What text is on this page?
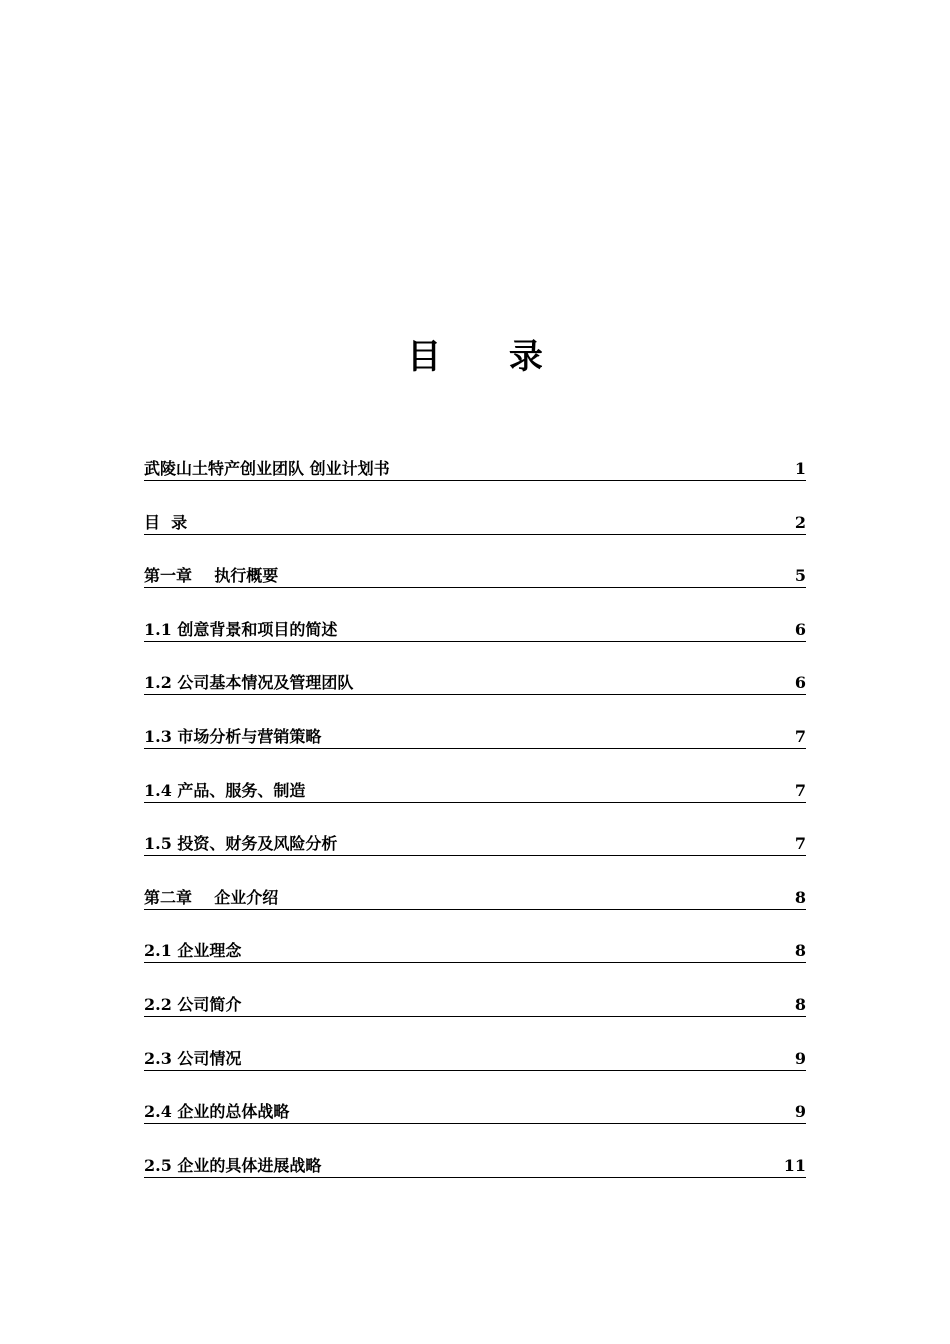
目 录
武陵山土特产创业团队 创业计划书	1
目  录	2
第一章    执行概要	5
1.1 创意背景和项目的简述	6
1.2 公司基本情况及管理团队	6
1.3 市场分析与营销策略	7
1.4 产品、服务、制造	7
1.5 投资、财务及风险分析	7
第二章    企业介绍	8
2.1 企业理念	8
2.2 公司简介	8
2.3 公司情况	9
2.4 企业的总体战略	9
2.5 企业的具体进展战略	11
